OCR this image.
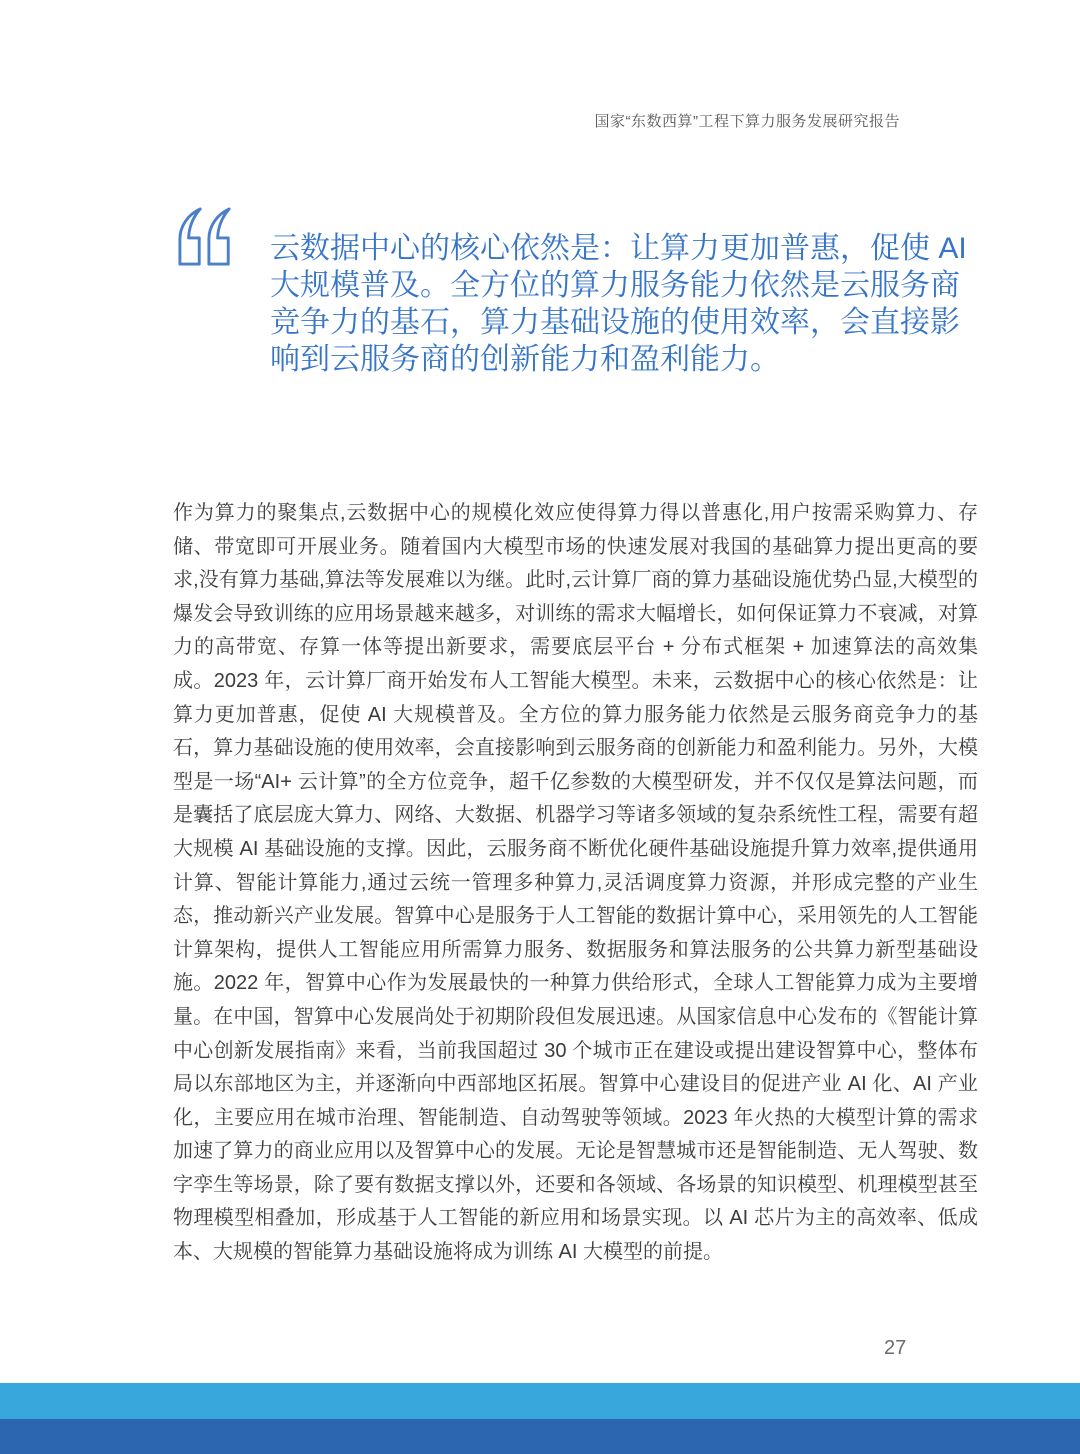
国家“东数西算”工程下算力服务发展研究报告
云数据中心的核心依然是：让算力更加普惠，促使 AI 大规模普及。全方位的算力服务能力依然是云服务商竞争力的基石，算力基础设施的使用效率，会直接影响到云服务商的创新能力和盈利能力。
作为算力的聚集点,云数据中心的规模化效应使得算力得以普惠化,用户按需采购算力、存储、带宽即可开展业务。随着国内大模型市场的快速发展对我国的基础算力提出更高的要求,没有算力基础,算法等发展难以为继。此时,云计算厂商的算力基础设施优势凸显,大模型的爆发会导致训练的应用场景越来越多，对训练的需求大幅增长，如何保证算力不衰减，对算力的高带宽、存算一体等提出新要求，需要底层平台 + 分布式框架 + 加速算法的高效集成。2023 年，云计算厂商开始发布人工智能大模型。未来，云数据中心的核心依然是：让算力更加普惠，促使 AI 大规模普及。全方位的算力服务能力依然是云服务商竞争力的基石，算力基础设施的使用效率，会直接影响到云服务商的创新能力和盈利能力。另外，大模型是一场“AI+ 云计算”的全方位竞争，超千亿参数的大模型研发，并不仅仅是算法问题，而是囊括了底层庞大算力、网络、大数据、机器学习等诸多领域的复杂系统性工程，需要有超大规模 AI 基础设施的支撑。因此，云服务商不断优化硬件基础设施提升算力效率,提供通用计算、智能计算能力,通过云统一管理多种算力,灵活调度算力资源，并形成完整的产业生态，推动新兴产业发展。智算中心是服务于人工智能的数据计算中心，采用领先的人工智能计算架构，提供人工智能应用所需算力服务、数据服务和算法服务的公共算力新型基础设施。2022 年，智算中心作为发展最快的一种算力供给形式，全球人工智能算力成为主要增量。在中国，智算中心发展尚处于初期阶段但发展迅速。从国家信息中心发布的《智能计算中心创新发展指南》来看，当前我国超过 30 个城市正在建设或提出建设智算中心，整体布局以东部地区为主，并逐渐向中西部地区拓展。智算中心建设目的促进产业 AI 化、AI 产业化，主要应用在城市治理、智能制造、自动驾驶等领域。2023 年火热的大模型计算的需求加速了算力的商业应用以及智算中心的发展。无论是智慧城市还是智能制造、无人驾驶、数字孪生等场景，除了要有数据支撑以外，还要和各领域、各场景的知识模型、机理模型甚至物理模型相叠加，形成基于人工智能的新应用和场景实现。以 AI 芯片为主的高效率、低成本、大规模的智能算力基础设施将成为训练 AI 大模型的前提。
27
